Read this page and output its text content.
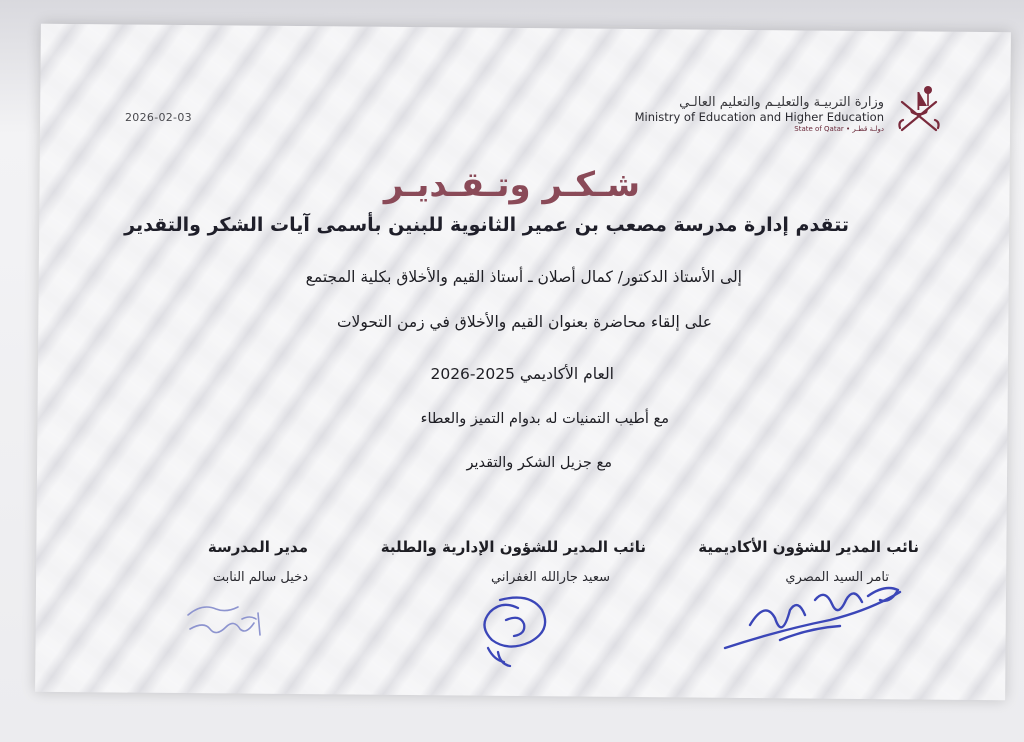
2026-02-03
وزارة التربيـة والتعليـم والتعليم العالـي
Ministry of Education and Higher Education
State of Qatar • دولـة قطـر
شـكـر وتـقـديـر
تتقدم إدارة مدرسة مصعب بن عمير الثانوية للبنين بأسمى آيات الشكر والتقدير
إلى الأستاذ الدكتور/ كمال أصلان ـ أستاذ القيم والأخلاق بكلية المجتمع
على إلقاء محاضرة بعنوان القيم والأخلاق في زمن التحولات
العام الأكاديمي 2025-2026
مع أطيب التمنيات له بدوام التميز والعطاء
مع جزيل الشكر والتقدير
نائب المدير للشؤون الأكاديمية
تامر السيد المصري
نائب المدير للشؤون الإدارية والطلبة
سعيد جارالله الغفراني
مدير المدرسة
دخيل سالم النابت
